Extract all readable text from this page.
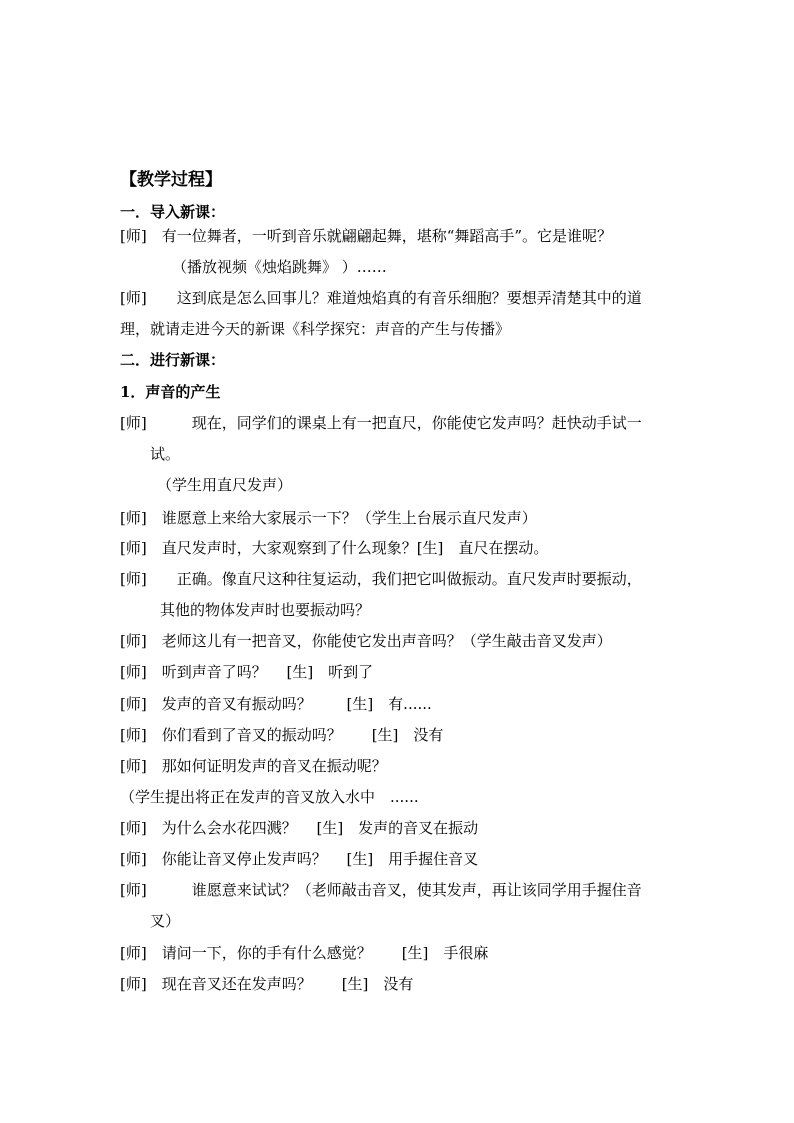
【教学过程】
一．导入新课：
[师]　有一位舞者，一听到音乐就翩翩起舞，堪称“舞蹈高手”。它是谁呢？
（播放视频《烛焰跳舞》 ）……
[师]　　这到底是怎么回事儿？难道烛焰真的有音乐细胞？要想弄清楚其中的道
理，就请走进今天的新课《科学探究：声音的产生与传播》
二．进行新课：
1．声音的产生
[师]　　　现在，同学们的课桌上有一把直尺，你能使它发声吗？赶快动手试一
试。
（学生用直尺发声）
[师]　谁愿意上来给大家展示一下？（学生上台展示直尺发声）
[师]　直尺发声时，大家观察到了什么现象？[生]　直尺在摆动。
[师]　　正确。像直尺这种往复运动，我们把它叫做振动。直尺发声时要振动，
其他的物体发声时也要振动吗？
[师]　老师这儿有一把音叉，你能使它发出声音吗？（学生敲击音叉发声）
[师]　听到声音了吗？　 [生]　听到了
[师]　发声的音叉有振动吗？　　 [生]　有......
[师]　你们看到了音叉的振动吗？　　[生]　没有
[师]　那如何证明发声的音叉在振动呢？
（学生提出将正在发声的音叉放入水中　......
[师]　为什么会水花四溅？　 [生]　发声的音叉在振动
[师]　你能让音叉停止发声吗？　 [生]　用手握住音叉
[师]　　　谁愿意来试试？（老师敲击音叉，使其发声，再让该同学用手握住音
叉）
[师]　请问一下，你的手有什么感觉？　　[生]　手很麻
[师]　现在音叉还在发声吗？　　[生]　没有
